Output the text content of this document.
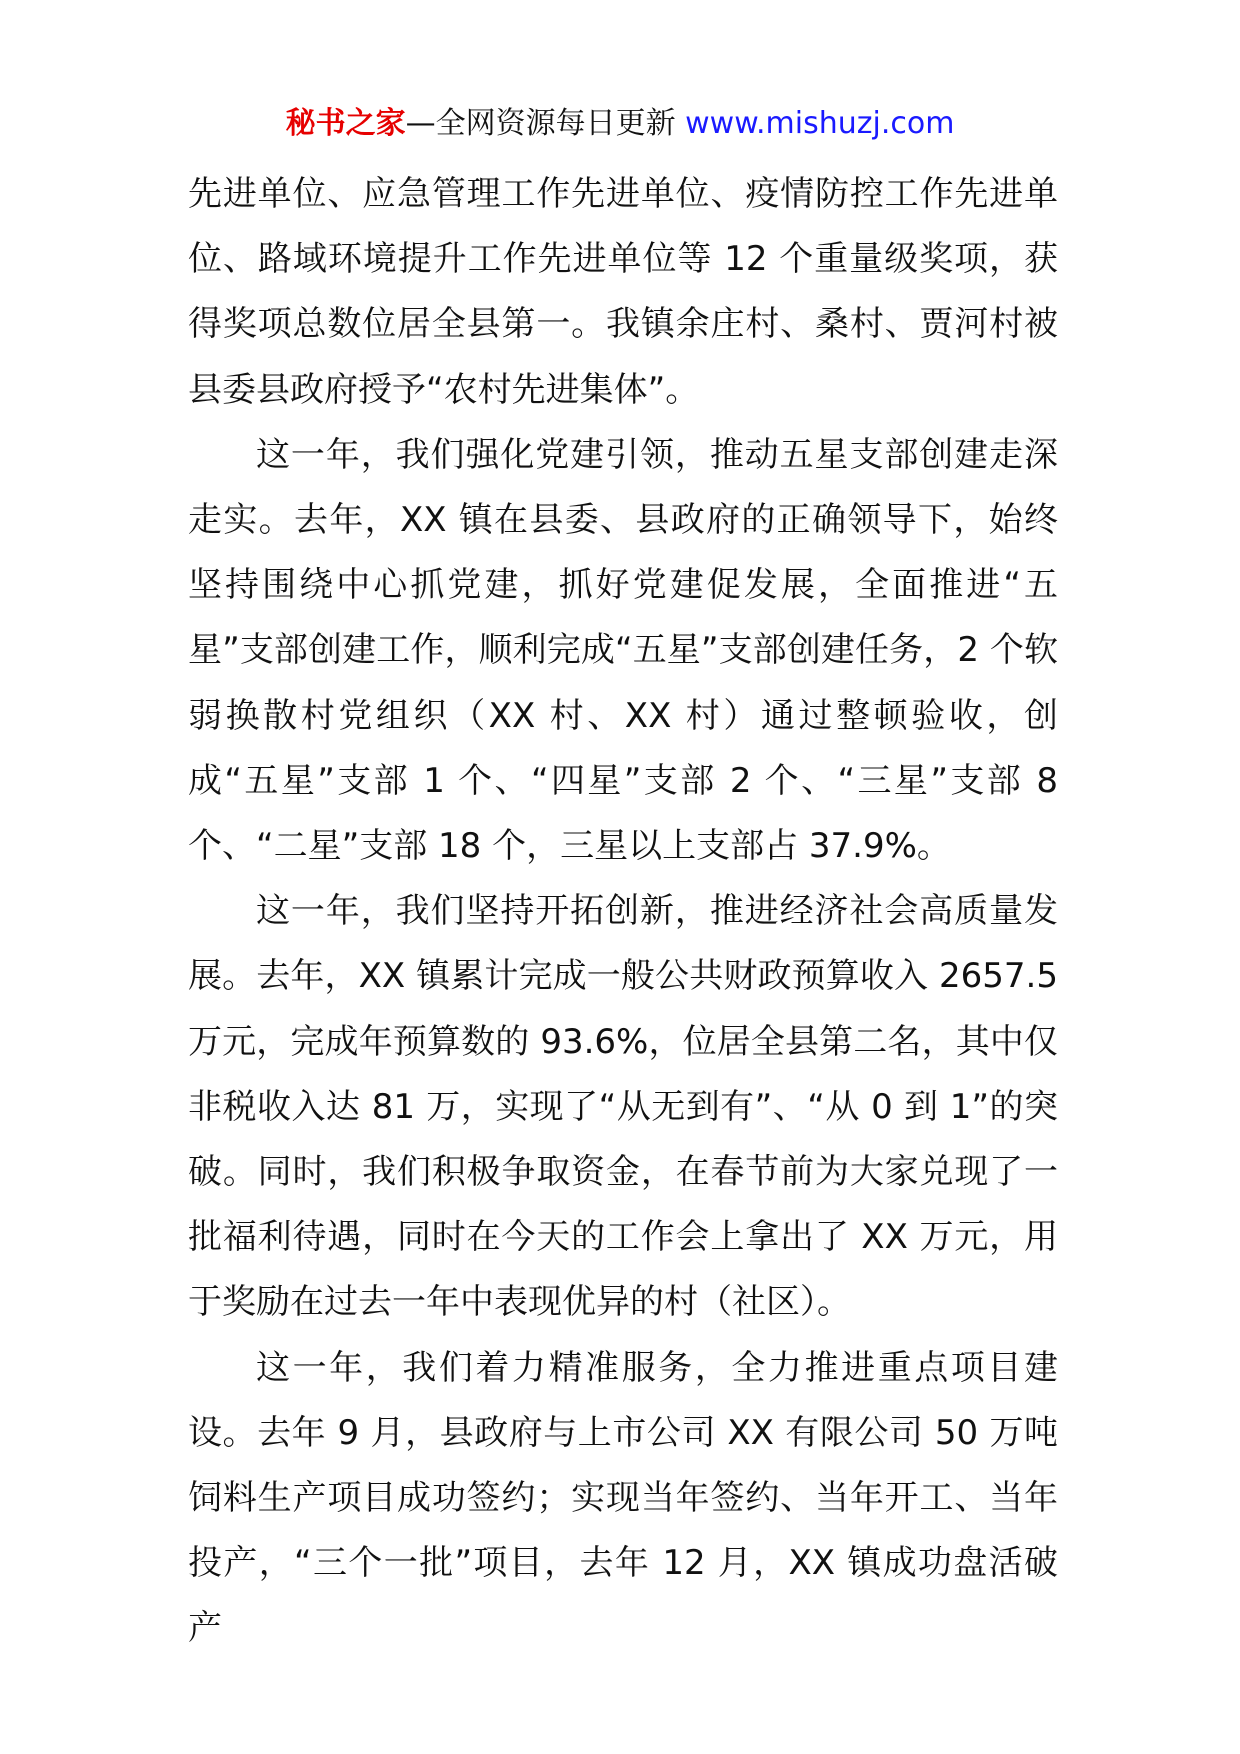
秘书之家—全网资源每日更新 www.mishuzj.com

先进单位、应急管理工作先进单位、疫情防控工作先进单位、路域环境提升工作先进单位等 12 个重量级奖项，获得奖项总数位居全县第一。我镇余庄村、桑村、贾河村被县委县政府授予“农村先进集体”。

这一年，我们强化党建引领，推动五星支部创建走深走实。去年，XX 镇在县委、县政府的正确领导下，始终坚持围绕中心抓党建，抓好党建促发展，全面推进“五星”支部创建工作，顺利完成“五星”支部创建任务，2 个软弱换散村党组织（XX 村、XX 村）通过整顿验收，创成“五星”支部 1 个、“四星”支部 2 个、“三星”支部 8 个、“二星”支部 18 个，三星以上支部占 37.9%。

这一年，我们坚持开拓创新，推进经济社会高质量发展。去年，XX 镇累计完成一般公共财政预算收入 2657.5 万元，完成年预算数的 93.6%，位居全县第二名，其中仅非税收入达 81 万，实现了“从无到有”、“从 0 到 1”的突破。同时，我们积极争取资金，在春节前为大家兑现了一批福利待遇，同时在今天的工作会上拿出了 XX 万元，用于奖励在过去一年中表现优异的村（社区）。

这一年，我们着力精准服务，全力推进重点项目建设。去年 9 月，县政府与上市公司 XX 有限公司 50 万吨饲料生产项目成功签约；实现当年签约、当年开工、当年投产，“三个一批”项目，去年 12 月，XX 镇成功盘活破产
